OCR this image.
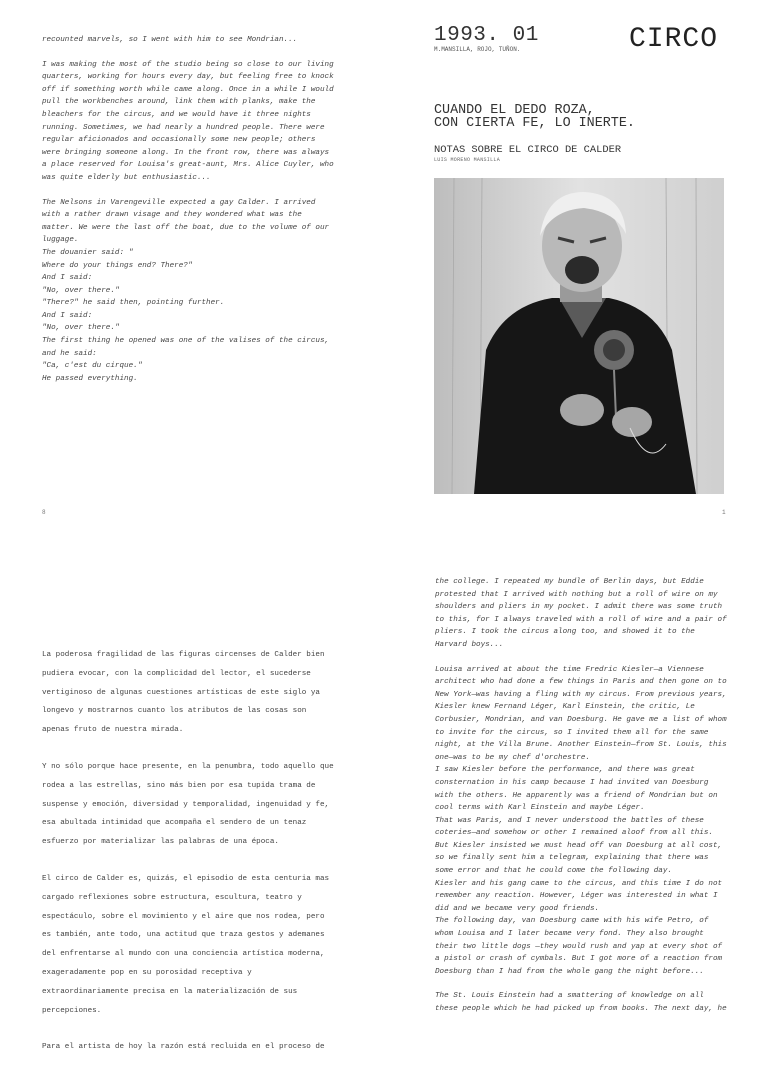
recounted marvels, so I went with him to see Mondrian...

I was making the most of the studio being so close to our living
quarters, working for hours every day, but feeling free to knock
off if something worth while came along. Once in a while I would
pull the workbenches around, link them with planks, make the
bleachers for the circus, and we would have it three nights
running. Sometimes, we had nearly a hundred people. There were
regular aficionados and occasionally some new people; others
were bringing someone along. In the front row, there was always
a place reserved for Louisa's great-aunt, Mrs. Alice Cuyler, who
was quite elderly but enthusiastic...

The Nelsons in Varengeville expected a gay Calder. I arrived
with a rather drawn visage and they wondered what was the
matter. We were the last off the boat, due to the volume of our
luggage.
The douanier said: "
Where do your things end? There?"
And I said:
"No, over there."
"There?" he said then, pointing further.
And I said:
"No, over there."
The first thing he opened was one of the valises of the circus,
and he said:
"Ca, c'est du cirque."
He passed everything.

8

La poderosa fragilidad de las figuras circenses de Calder bien
pudiera evocar, con la complicidad del lector, el sucederse
vertiginoso de algunas cuestiones artísticas de este siglo ya
longevo y mostrarnos cuanto los atributos de las cosas son
apenas fruto de nuestra mirada.

Y no sólo porque hace presente, en la penumbra, todo aquello que
rodea a las estrellas, sino más bien por esa tupida trama de
suspense y emoción, diversidad y temporalidad, ingenuidad y fe,
esa abultada intimidad que acompaña el sendero de un tenaz
esfuerzo por materializar las palabras de una época.

El circo de Calder es, quizás, el episodio de esta centuria mas
cargado reflexiones sobre estructura, escultura, teatro y
espectáculo, sobre el movimiento y el aire que nos rodea, pero
es también, ante todo, una actitud que traza gestos y ademanes
del enfrentarse al mundo con una conciencia artística moderna,
exageradamente pop en su porosidad receptiva y
extraordinariamente precisa en la materialización de sus
percepciones.

Para el artista de hoy la razón está recluida en el proceso de

1993. 01
M.MANSILLA, ROJO, TUÑON.	CIRCO
CUANDO EL DEDO ROZA,
CON CIERTA FE, LO INERTE.
NOTAS SOBRE EL CIRCO DE CALDER
LUIS MORENO MANSILLA
1

the college. I repeated my bundle of Berlin days, but Eddie
protested that I arrived with nothing but a roll of wire on my
shoulders and pliers in my pocket. I admit there was some truth
to this, for I always traveled with a roll of wire and a pair of
pliers. I took the circus along too, and showed it to the
Harvard boys...

Louisa arrived at about the time Fredric Kiesler—a Viennese
architect who had done a few things in Paris and then gone on to
New York—was having a fling with my circus. From previous years,
Kiesler knew Fernand Léger, Karl Einstein, the critic, Le
Corbusier, Mondrian, and van Doesburg. He gave me a list of whom
to invite for the circus, so I invited them all for the same
night, at the Villa Brune. Another Einstein—from St. Louis, this
one—was to be my chef d'orchestre.
I saw Kiesler before the performance, and there was great
consternation in his camp because I had invited van Doesburg
with the others. He apparently was a friend of Mondrian but on
cool terms with Karl Einstein and maybe Léger.
That was Paris, and I never understood the battles of these
coteries—and somehow or other I remained aloof from all this.
But Kiesler insisted we must head off van Doesburg at all cost,
so we finally sent him a telegram, explaining that there was
some error and that he could come the following day.
Kiesler and his gang came to the circus, and this time I do not
remember any reaction. However, Léger was interested in what I
did and we became very good friends.
The following day, van Doesburg came with his wife Petro, of
whom Louisa and I later became very fond. They also brought
their two little dogs —they would rush and yap at every shot of
a pistol or crash of cymbals. But I got more of a reaction from
Doesburg than I had from the whole gang the night before...

The St. Louis Einstein had a smattering of knowledge on all
these people which he had picked up from books. The next day, he
